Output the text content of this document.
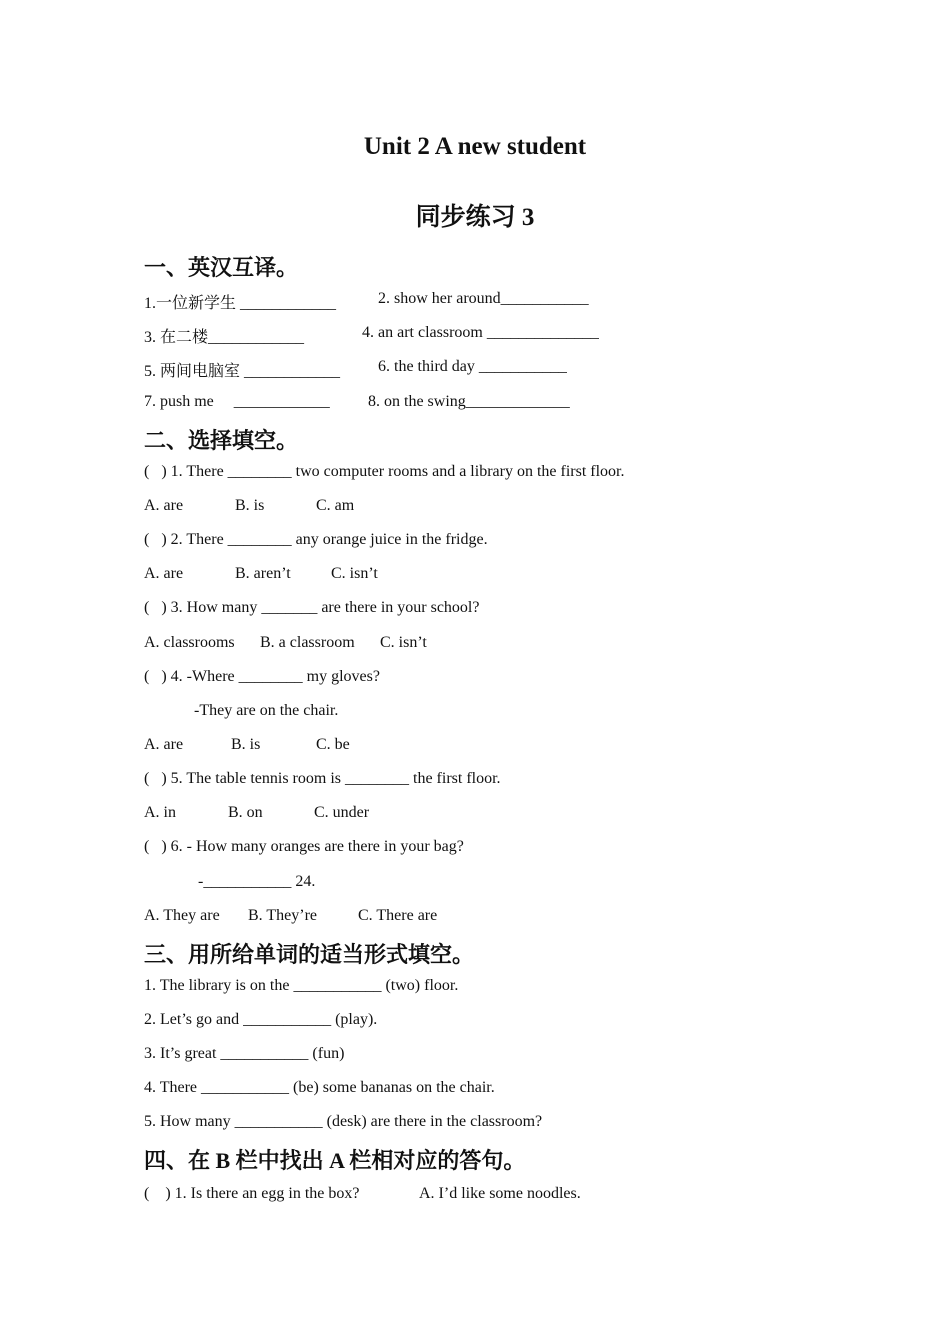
Unit 2 A new student
同步练习 3
一、英汉互译。
1.一位新学生 ____________	2. show her around___________
3. 在二楼____________	4. an art classroom ______________
5. 两间电脑室 ____________ 6. the third day ___________
7. push me     ____________ 8. on the swing_____________
二、选择填空。
(   ) 1. There ________ two computer rooms and a library on the first floor.
A. are	B. is	C. am
(   ) 2. There ________ any orange juice in the fridge.
A. are	B. aren’t	C. isn’t
(   ) 3. How many _______ are there in your school?
A. classrooms B. a classroom C. isn’t
(   ) 4. -Where ________ my gloves?
-They are on the chair.
A. are	B. is	C. be
(   ) 5. The table tennis room is ________ the first floor.
A. in	B. on	C. under
(   ) 6. - How many oranges are there in your bag?
-___________ 24.
A. They are B. They’re	C. There are
三、用所给单词的适当形式填空。
1. The library is on the ___________ (two) floor.
2. Let’s go and ___________ (play).
3. It’s great ___________ (fun)
4. There ___________ (be) some bananas on the chair.
5. How many ___________ (desk) are there in the classroom?
四、在 B 栏中找出 A 栏相对应的答句。
(    ) 1. Is there an egg in the box?	A. I’d like some noodles.
